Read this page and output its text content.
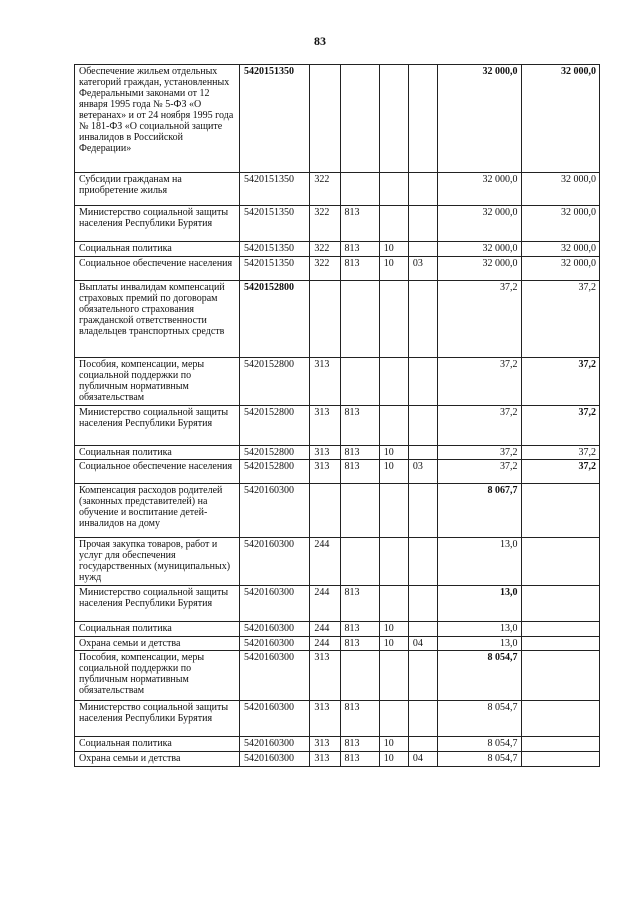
83
Обеспечение жильем отдельных категорий граждан, установленных Федеральными законами от 12 января 1995 года № 5-ФЗ «О ветеранах» и от 24 ноября 1995 года № 181-ФЗ «О социальной защите инвалидов в Российской Федерации»	5420151350					32 000,0	32 000,0
Субсидии гражданам на приобретение жилья	5420151350	322				32 000,0	32 000,0
Министерство социальной защиты населения Республики Бурятия	5420151350	322	813			32 000,0	32 000,0
Социальная политика	5420151350	322	813	10		32 000,0	32 000,0
Социальное обеспечение населения	5420151350	322	813	10	03	32 000,0	32 000,0
Выплаты инвалидам компенсаций страховых премий по договорам обязательного страхования гражданской ответственности владельцев транспортных средств	5420152800					37,2	37,2
Пособия, компенсации, меры социальной поддержки по публичным нормативным обязательствам	5420152800	313				37,2	37,2
Министерство социальной защиты населения Республики Бурятия	5420152800	313	813			37,2	37,2
Социальная политика	5420152800	313	813	10		37,2	37,2
Социальное обеспечение населения	5420152800	313	813	10	03	37,2	37,2
Компенсация расходов родителей (законных представителей) на обучение и воспитание детей-инвалидов на дому	5420160300					8 067,7	
Прочая закупка товаров, работ и услуг для обеспечения государственных (муниципальных) нужд	5420160300	244				13,0	
Министерство социальной защиты населения Республики Бурятия	5420160300	244	813			13,0	
Социальная политика	5420160300	244	813	10		13,0	
Охрана семьи и детства	5420160300	244	813	10	04	13,0	
Пособия, компенсации, меры социальной поддержки по публичным нормативным обязательствам	5420160300	313				8 054,7	
Министерство социальной защиты населения Республики Бурятия	5420160300	313	813			8 054,7	
Социальная политика	5420160300	313	813	10		8 054,7	
Охрана семьи и детства	5420160300	313	813	10	04	8 054,7	
